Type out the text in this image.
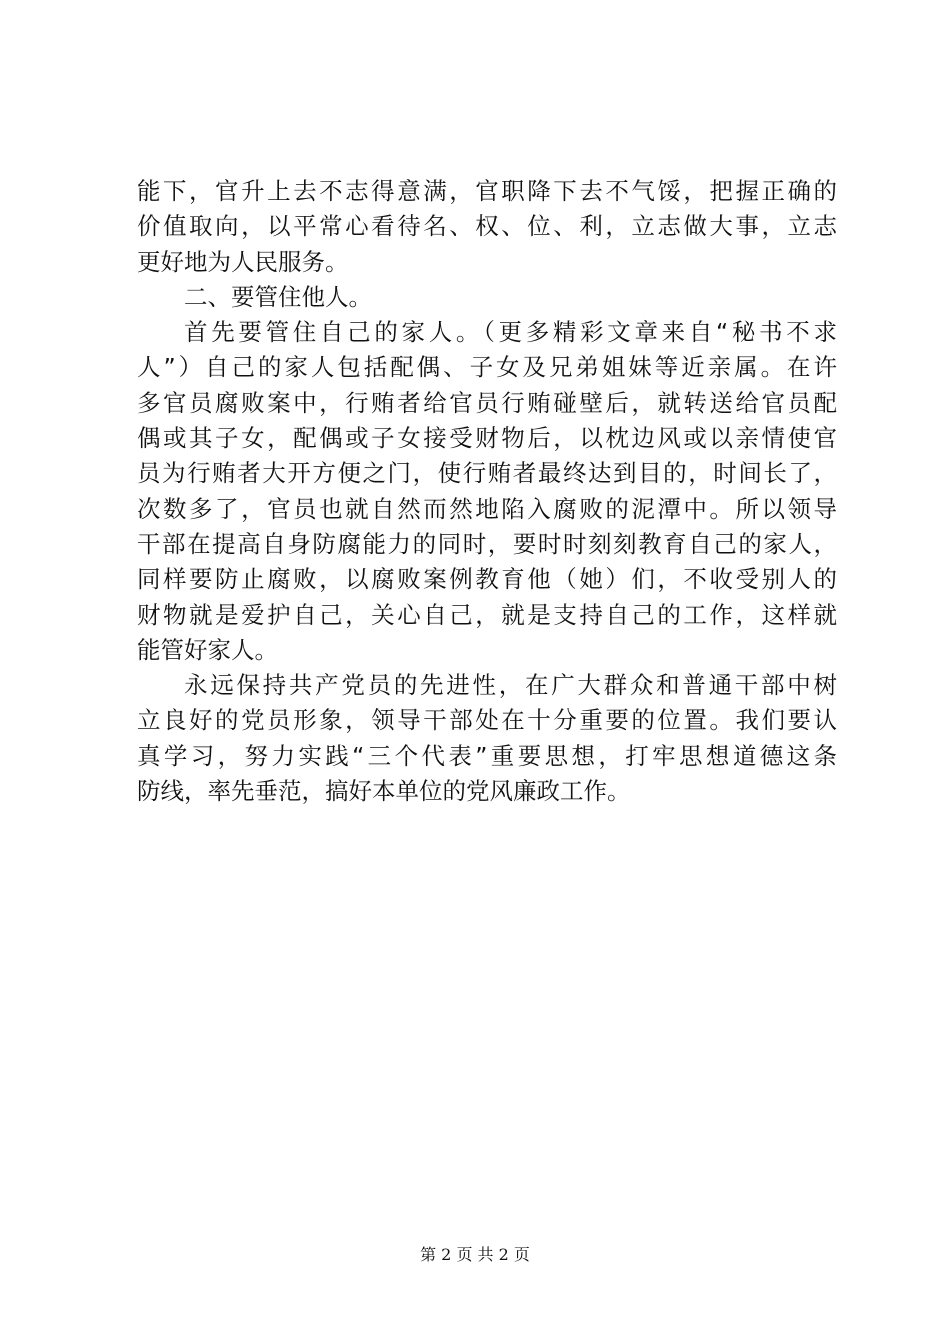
能下，官升上去不志得意满，官职降下去不气馁，把握正确的
价值取向，以平常心看待名、权、位、利，立志做大事，立志
更好地为人民服务。
二、要管住他人。
首先要管住自己的家人。（更多精彩文章来自“秘书不求
人”）自己的家人包括配偶、子女及兄弟姐妹等近亲属。在许
多官员腐败案中，行贿者给官员行贿碰壁后，就转送给官员配
偶或其子女，配偶或子女接受财物后，以枕边风或以亲情使官
员为行贿者大开方便之门，使行贿者最终达到目的，时间长了，
次数多了，官员也就自然而然地陷入腐败的泥潭中。所以领导
干部在提高自身防腐能力的同时，要时时刻刻教育自己的家人，
同样要防止腐败，以腐败案例教育他（她）们，不收受别人的
财物就是爱护自己，关心自己，就是支持自己的工作，这样就
能管好家人。
永远保持共产党员的先进性，在广大群众和普通干部中树
立良好的党员形象，领导干部处在十分重要的位置。我们要认
真学习，努力实践“三个代表”重要思想，打牢思想道德这条
防线，率先垂范，搞好本单位的党风廉政工作。
第 2 页 共 2 页
